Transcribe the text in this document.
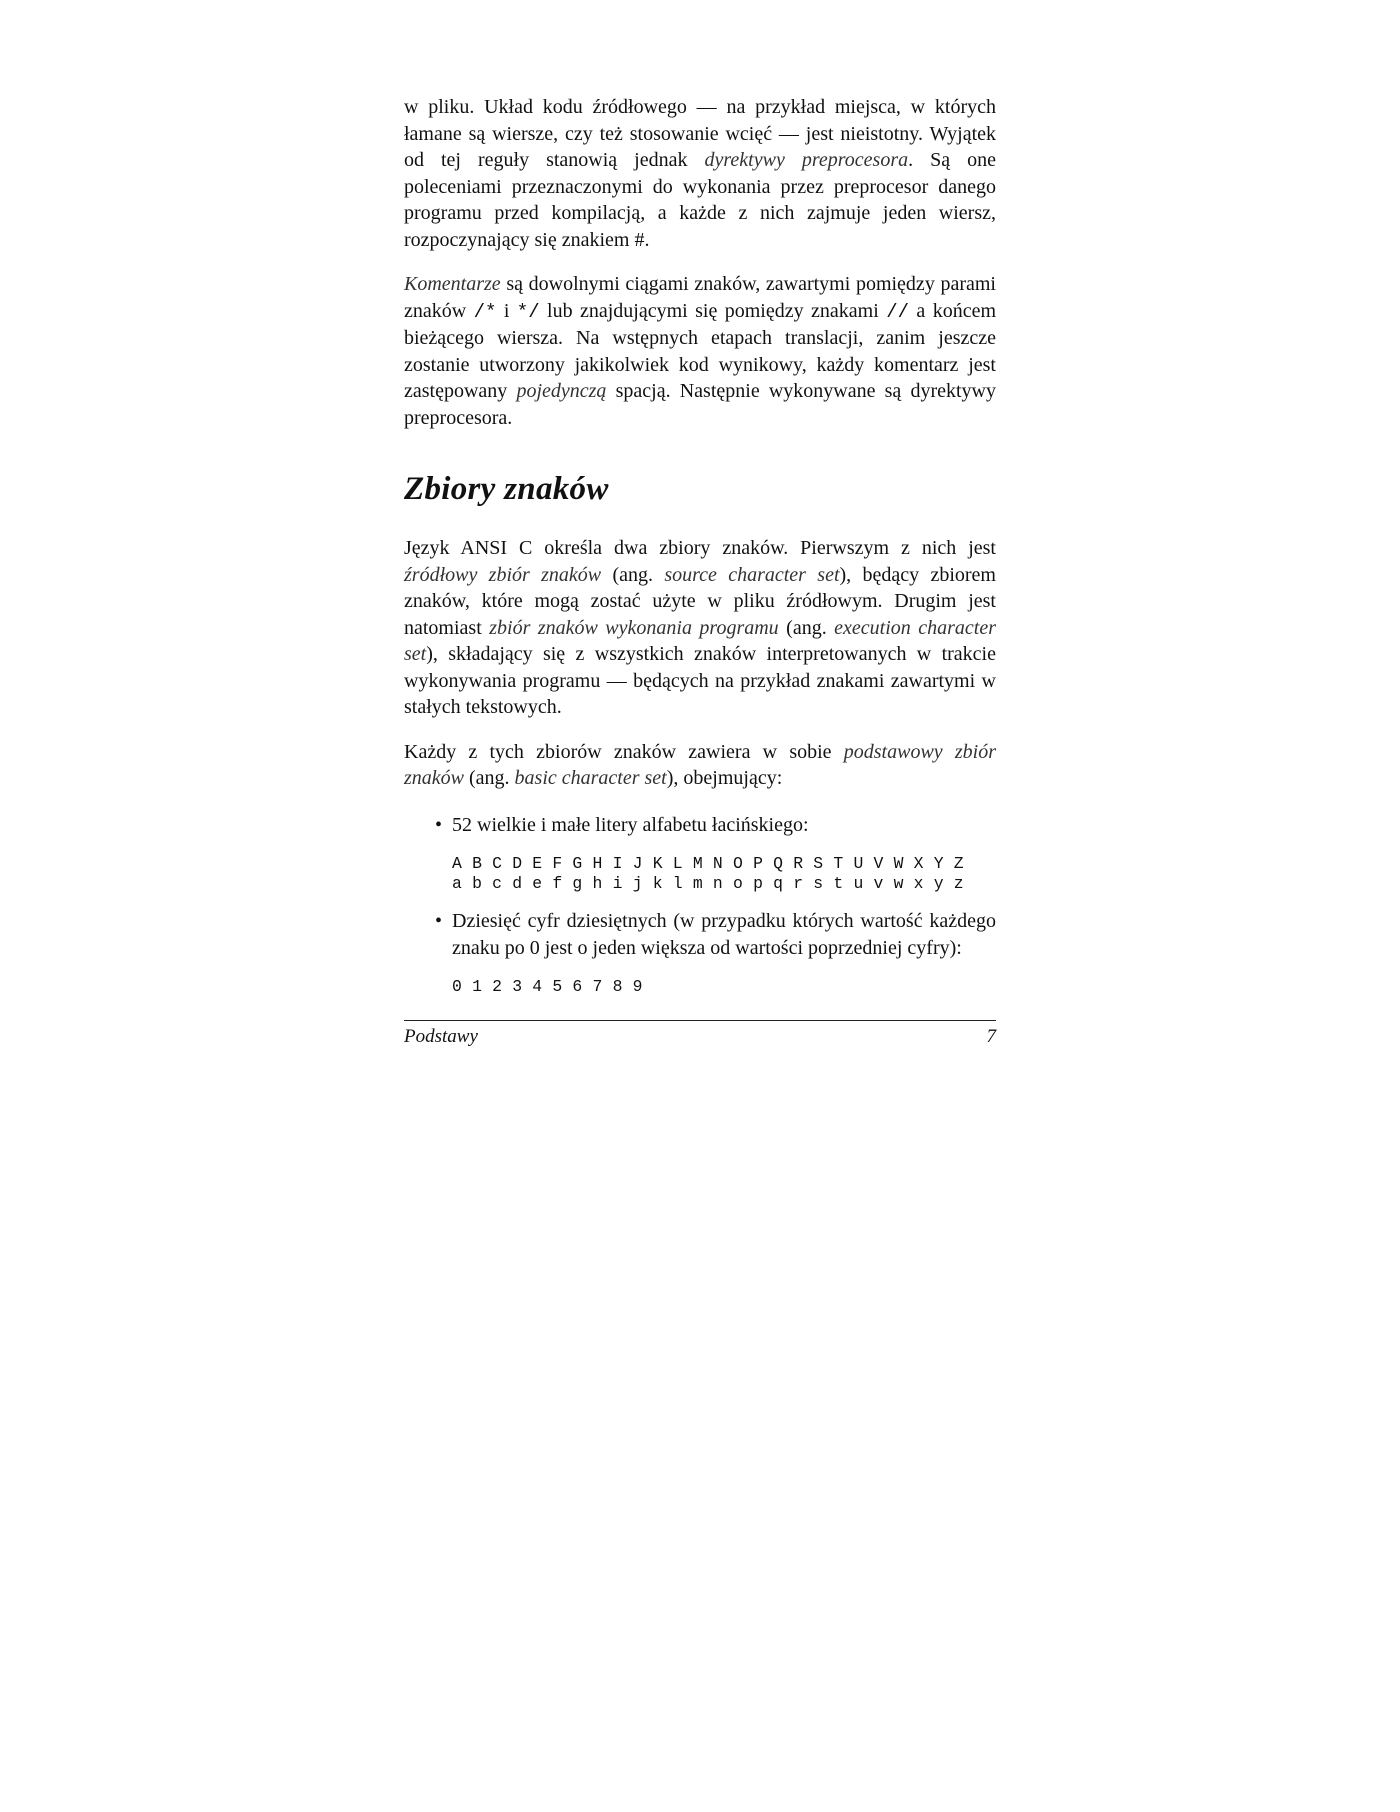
w pliku. Układ kodu źródłowego — na przykład miejsca, w których łamane są wiersze, czy też stosowanie wcięć — jest nieistotny. Wyjątek od tej reguły stanowią jednak dyrektywy preprocesora. Są one poleceniami przeznaczonymi do wykonania przez preprocesor danego programu przed kompilacją, a każde z nich zajmuje jeden wiersz, rozpoczynający się znakiem #.

Komentarze są dowolnymi ciągami znaków, zawartymi pomiędzy parami znaków /* i */ lub znajdującymi się pomiędzy znakami // a końcem bieżącego wiersza. Na wstępnych etapach translacji, zanim jeszcze zostanie utworzony jakikolwiek kod wynikowy, każdy komentarz jest zastępowany pojedynczą spacją. Następnie wykonywane są dyrektywy preprocesora.

Zbiory znaków

Język ANSI C określa dwa zbiory znaków. Pierwszym z nich jest źródłowy zbiór znaków (ang. source character set), będący zbiorem znaków, które mogą zostać użyte w pliku źródłowym. Drugim jest natomiast zbiór znaków wykonania programu (ang. execution character set), składający się z wszystkich znaków interpretowanych w trakcie wykonywania programu — będących na przykład znakami zawartymi w stałych tekstowych.

Każdy z tych zbiorów znaków zawiera w sobie podstawowy zbiór znaków (ang. basic character set), obejmujący:

• 52 wielkie i małe litery alfabetu łacińskiego:
A B C D E F G H I J K L M N O P Q R S T U V W X Y Z
a b c d e f g h i j k l m n o p q r s t u v w x y z
• Dziesięć cyfr dziesiętnych (w przypadku których wartość każdego znaku po 0 jest o jeden większa od wartości poprzedniej cyfry):
0 1 2 3 4 5 6 7 8 9
Podstawy	7
